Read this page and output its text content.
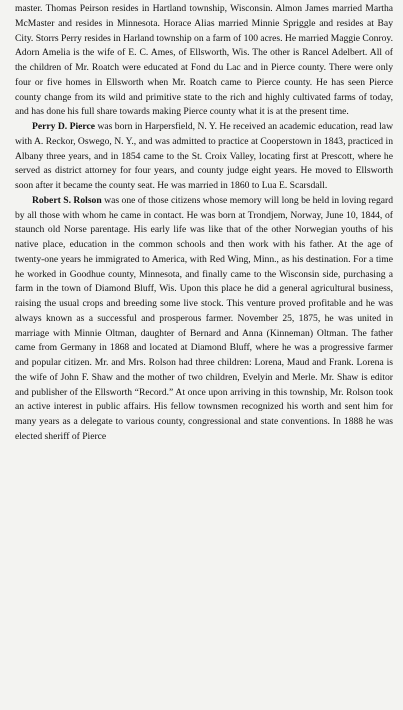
master. Thomas Peirson resides in Hartland township, Wisconsin. Almon James married Martha McMaster and resides in Minnesota. Horace Alias married Minnie Spriggle and resides at Bay City. Storrs Perry resides in Harland township on a farm of 100 acres. He married Maggie Conroy. Adorn Amelia is the wife of E. C. Ames, of Ellsworth, Wis. The other is Rancel Adelbert. All of the children of Mr. Roatch were educated at Fond du Lac and in Pierce county. There were only four or five homes in Ellsworth when Mr. Roatch came to Pierce county. He has seen Pierce county change from its wild and primitive state to the rich and highly cultivated farms of today, and has done his full share towards making Pierce county what it is at the present time.

Perry D. Pierce was born in Harpersfield, N. Y. He received an academic education, read law with A. Reckor, Oswego, N. Y., and was admitted to practice at Cooperstown in 1843, practiced in Albany three years, and in 1854 came to the St. Croix Valley, locating first at Prescott, where he served as district attorney for four years, and county judge eight years. He moved to Ellsworth soon after it became the county seat. He was married in 1860 to Lua E. Scarsdall.

Robert S. Rolson was one of those citizens whose memory will long be held in loving regard by all those with whom he came in contact. He was born at Trondjem, Norway, June 10, 1844, of staunch old Norse parentage. His early life was like that of the other Norwegian youths of his native place, education in the common schools and then work with his father. At the age of twenty-one years he immigrated to America, with Red Wing, Minn., as his destination. For a time he worked in Goodhue county, Minnesota, and finally came to the Wisconsin side, purchasing a farm in the town of Diamond Bluff, Wis. Upon this place he did a general agricultural business, raising the usual crops and breeding some live stock. This venture proved profitable and he was always known as a successful and prosperous farmer. November 25, 1875, he was united in marriage with Minnie Oltman, daughter of Bernard and Anna (Kinneman) Oltman. The father came from Germany in 1868 and located at Diamond Bluff, where he was a progressive farmer and popular citizen. Mr. and Mrs. Rolson had three children: Lorena, Maud and Frank. Lorena is the wife of John F. Shaw and the mother of two children, Evelyin and Merle. Mr. Shaw is editor and publisher of the Ellsworth “Record.” At once upon arriving in this township, Mr. Rolson took an active interest in public affairs. His fellow townsmen recognized his worth and sent him for many years as a delegate to various county, congressional and state conventions. In 1888 he was elected sheriff of Pierce
